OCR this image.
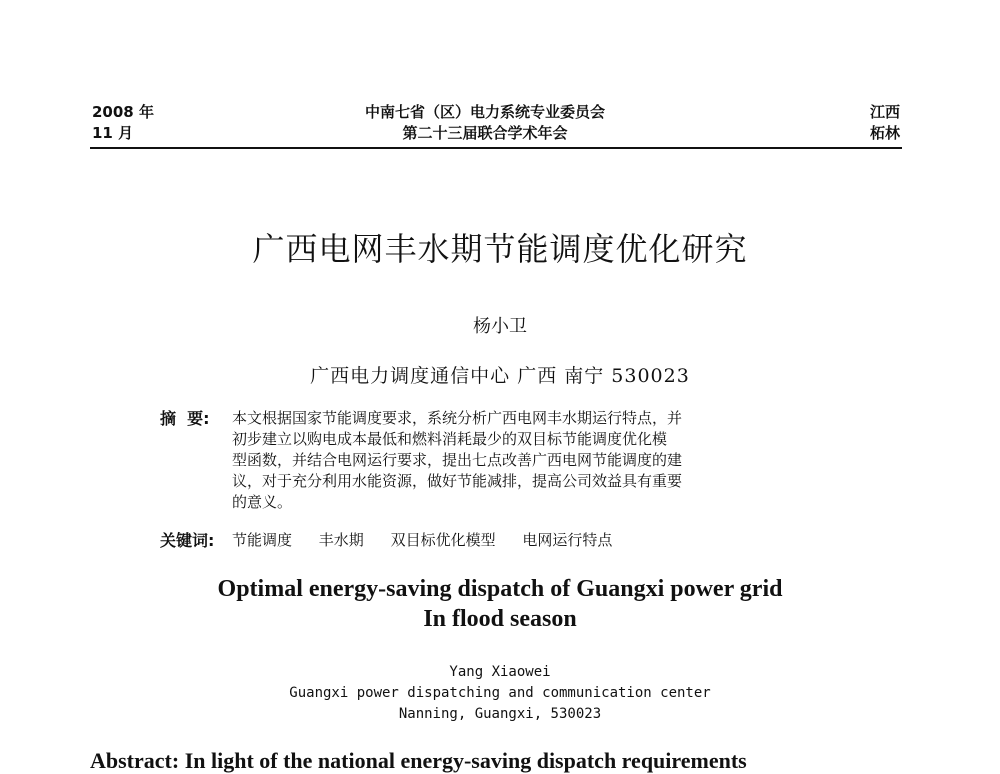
2008 年
11 月
中南七省（区）电力系统专业委员会
第二十三届联合学术年会
江西
柘林
广西电网丰水期节能调度优化研究
杨小卫
广西电力调度通信中心 广西 南宁 530023
摘  要: 本文根据国家节能调度要求，系统分析广西电网丰水期运行特点，并
初步建立以购电成本最低和燃料消耗最少的双目标节能调度优化模
型函数，并结合电网运行要求，提出七点改善广西电网节能调度的建
议，对于充分利用水能资源，做好节能减排，提高公司效益具有重要
的意义。
关键词: 节能调度 丰水期 双目标优化模型 电网运行特点
Optimal energy-saving dispatch of Guangxi power grid
In flood season
Yang Xiaowei
Guangxi power dispatching and communication center
Nanning, Guangxi, 530023
Abstract: In light of the national energy-saving dispatch requirements
